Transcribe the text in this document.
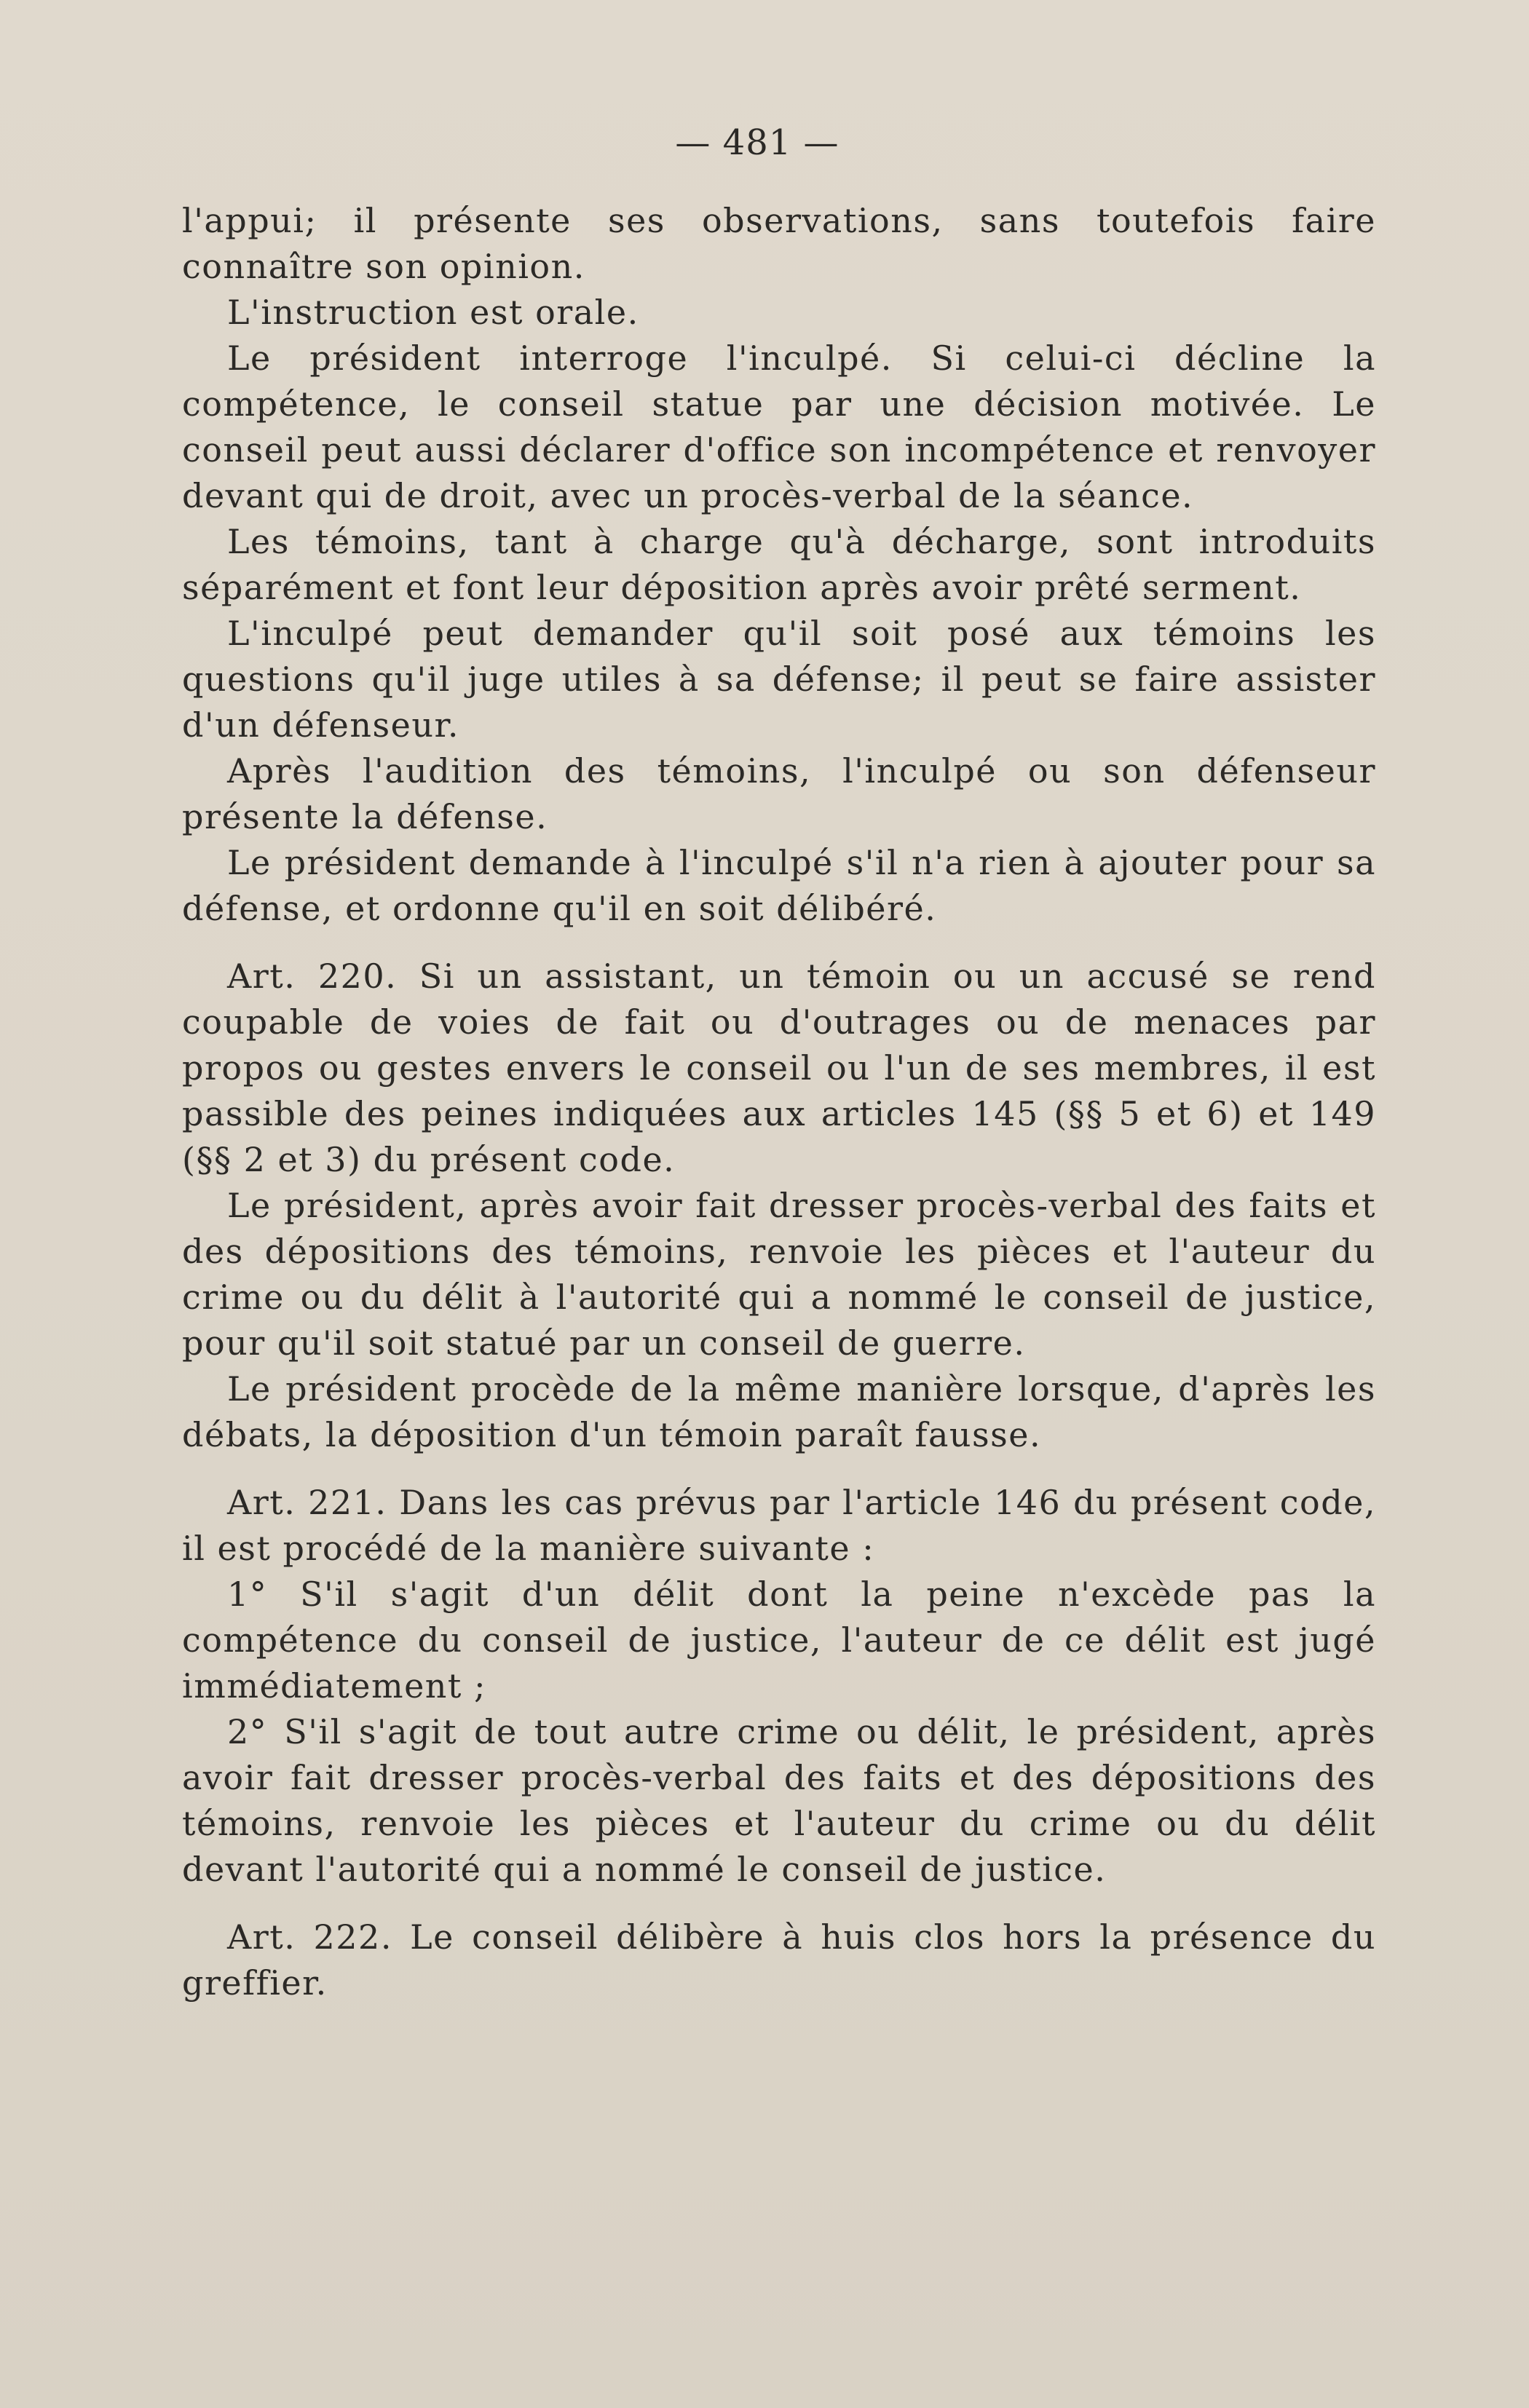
— 481 —

l'appui; il présente ses observations, sans toutefois faire connaître son opinion.

L'instruction est orale.

Le président interroge l'inculpé. Si celui-ci décline la compétence, le conseil statue par une décision motivée. Le conseil peut aussi déclarer d'office son incompétence et renvoyer devant qui de droit, avec un procès-verbal de la séance.

Les témoins, tant à charge qu'à décharge, sont introduits séparément et font leur déposition après avoir prêté serment.

L'inculpé peut demander qu'il soit posé aux témoins les questions qu'il juge utiles à sa défense; il peut se faire assister d'un défenseur.

Après l'audition des témoins, l'inculpé ou son défenseur présente la défense.

Le président demande à l'inculpé s'il n'a rien à ajouter pour sa défense, et ordonne qu'il en soit délibéré.

Art. 220. Si un assistant, un témoin ou un accusé se rend coupable de voies de fait ou d'outrages ou de menaces par propos ou gestes envers le conseil ou l'un de ses membres, il est passible des peines indiquées aux articles 145 (§§ 5 et 6) et 149 (§§ 2 et 3) du présent code.

Le président, après avoir fait dresser procès-verbal des faits et des dépositions des témoins, renvoie les pièces et l'auteur du crime ou du délit à l'autorité qui a nommé le conseil de justice, pour qu'il soit statué par un conseil de guerre.

Le président procède de la même manière lorsque, d'après les débats, la déposition d'un témoin paraît fausse.

Art. 221. Dans les cas prévus par l'article 146 du présent code, il est procédé de la manière suivante :

1° S'il s'agit d'un délit dont la peine n'excède pas la compétence du conseil de justice, l'auteur de ce délit est jugé immédiatement ;

2° S'il s'agit de tout autre crime ou délit, le président, après avoir fait dresser procès-verbal des faits et des dépositions des témoins, renvoie les pièces et l'auteur du crime ou du délit devant l'autorité qui a nommé le conseil de justice.

Art. 222. Le conseil délibère à huis clos hors la présence du greffier.
